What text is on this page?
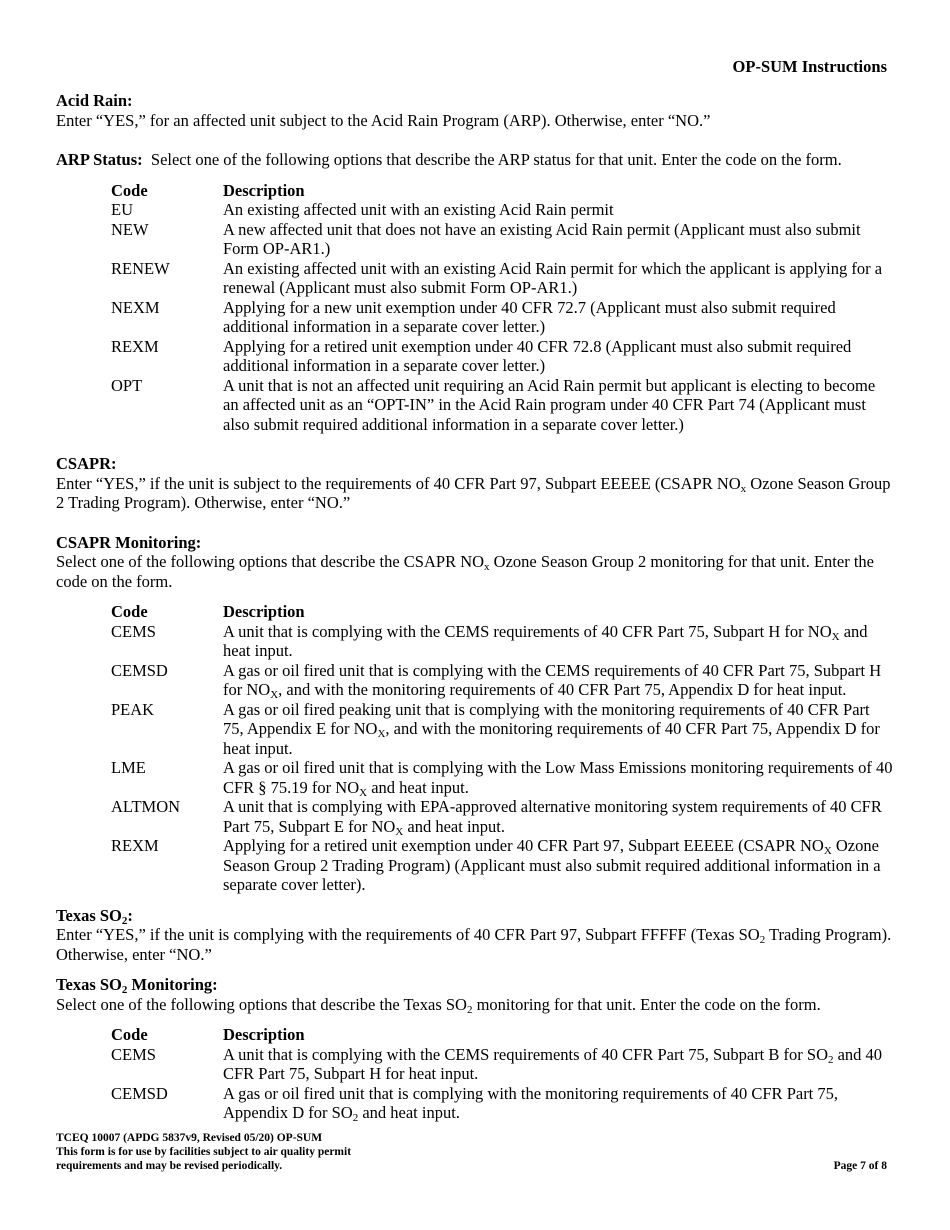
OP-SUM Instructions
Acid Rain:

Enter “YES,” for an affected unit subject to the Acid Rain Program (ARP). Otherwise, enter “NO.”

ARP Status: Select one of the following options that describe the ARP status for that unit. Enter the code on the form.

Code	Description
EU	An existing affected unit with an existing Acid Rain permit
NEW	A new affected unit that does not have an existing Acid Rain permit (Applicant must also submit Form OP-AR1.)
RENEW	An existing affected unit with an existing Acid Rain permit for which the applicant is applying for a renewal (Applicant must also submit Form OP-AR1.)
NEXM	Applying for a new unit exemption under 40 CFR 72.7 (Applicant must also submit required additional information in a separate cover letter.)
REXM	Applying for a retired unit exemption under 40 CFR 72.8 (Applicant must also submit required additional information in a separate cover letter.)
OPT	A unit that is not an affected unit requiring an Acid Rain permit but applicant is electing to become an affected unit as an “OPT-IN” in the Acid Rain program under 40 CFR Part 74 (Applicant must also submit required additional information in a separate cover letter.)
CSAPR:

Enter “YES,” if the unit is subject to the requirements of 40 CFR Part 97, Subpart EEEEE (CSAPR $NO_x$ Ozone Season Group 2 Trading Program). Otherwise, enter “NO.”

CSAPR Monitoring:

Select one of the following options that describe the CSAPR $NO_x$ Ozone Season Group 2 monitoring for that unit. Enter the code on the form.

Code	Description
CEMS	A unit that is complying with the CEMS requirements of 40 CFR Part 75, Subpart H for $NO_X$ and heat input.
CEMSD	A gas or oil fired unit that is complying with the CEMS requirements of 40 CFR Part 75, Subpart H for $NO_X$, and with the monitoring requirements of 40 CFR Part 75, Appendix D for heat input.
PEAK	A gas or oil fired peaking unit that is complying with the monitoring requirements of 40 CFR Part 75, Appendix E for $NO_X$, and with the monitoring requirements of 40 CFR Part 75, Appendix D for heat input.
LME	A gas or oil fired unit that is complying with the Low Mass Emissions monitoring requirements of 40 CFR § 75.19 for $NO_X$ and heat input.
ALTMON	A unit that is complying with EPA-approved alternative monitoring system requirements of 40 CFR Part 75, Subpart E for $NO_X$ and heat input.
REXM	Applying for a retired unit exemption under 40 CFR Part 97, Subpart EEEEE (CSAPR $NO_X$ Ozone Season Group 2 Trading Program) (Applicant must also submit required additional information in a separate cover letter).
Texas SO2:

Enter “YES,” if the unit is complying with the requirements of 40 CFR Part 97, Subpart FFFFF (Texas $SO_2$ Trading Program). Otherwise, enter “NO.”

Texas SO2 Monitoring:

Select one of the following options that describe the Texas $SO_2$ monitoring for that unit. Enter the code on the form.

Code	Description
CEMS	A unit that is complying with the CEMS requirements of 40 CFR Part 75, Subpart B for $SO_2$ and 40 CFR Part 75, Subpart H for heat input.
CEMSD	A gas or oil fired unit that is complying with the monitoring requirements of 40 CFR Part 75, Appendix D for $SO_2$ and heat input.
TCEQ 10007 (APDG 5837v9, Revised 05/20) OP-SUM
This form is for use by facilities subject to air quality permit
requirements and may be revised periodically.	Page 7 of 8
